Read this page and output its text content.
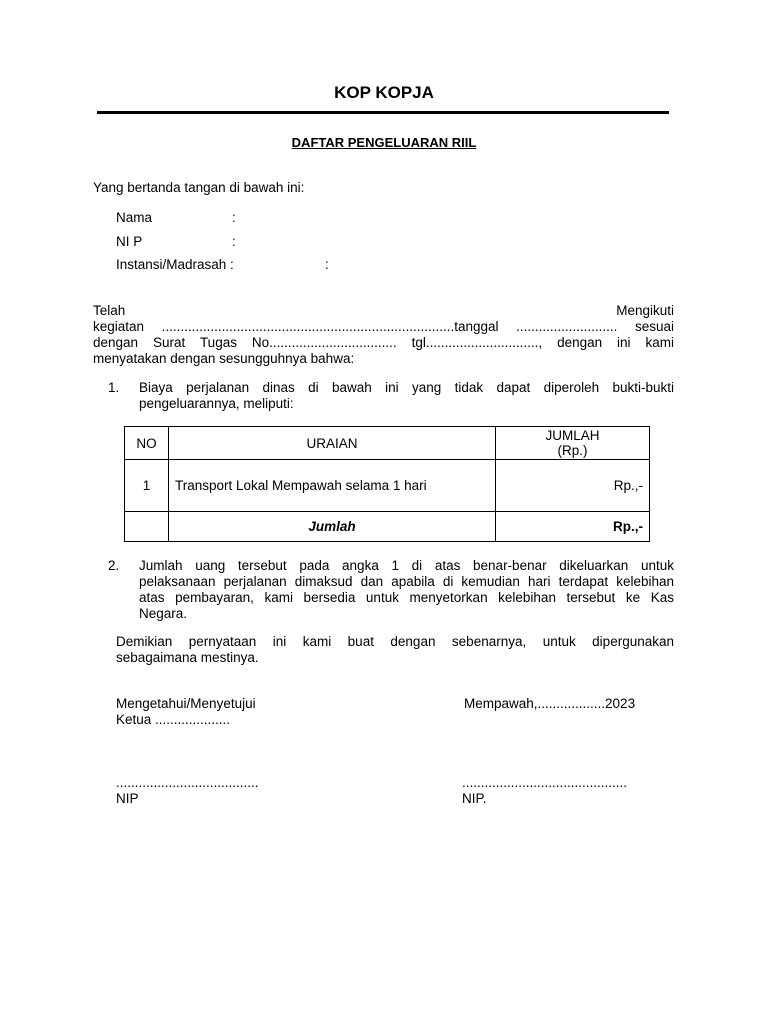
KOP KOPJA
DAFTAR PENGELUARAN RIIL
Yang bertanda tangan di bawah ini:
Nama	:
NI P	:
Instansi/Madrasah :	:
Telah	Mengikuti
kegiatan ..............................................................................tanggal ........................... sesuai
dengan Surat Tugas No.................................. tgl.............................., dengan ini kami
menyatakan dengan sesungguhnya bahwa:
1. Biaya perjalanan dinas di bawah ini yang tidak dapat diperoleh bukti-bukti
pengeluarannya, meliputi:
NO	URAIAN	JUMLAH
(Rp.)

1	Transport Lokal Mempawah selama 1 hari	Rp.,-
	Jumlah	Rp.,-
2. Jumlah uang tersebut pada angka 1 di atas benar-benar dikeluarkan untuk
pelaksanaan perjalanan dimaksud dan apabila di kemudian hari terdapat kelebihan
atas pembayaran, kami bersedia untuk menyetorkan kelebihan tersebut ke Kas
Negara.
Demikian pernyataan ini kami buat dengan sebenarnya, untuk dipergunakan
sebagaimana mestinya.
Mengetahui/Menyetujui
Ketua ....................
Mempawah,..................2023
......................................
NIP
............................................
NIP.
